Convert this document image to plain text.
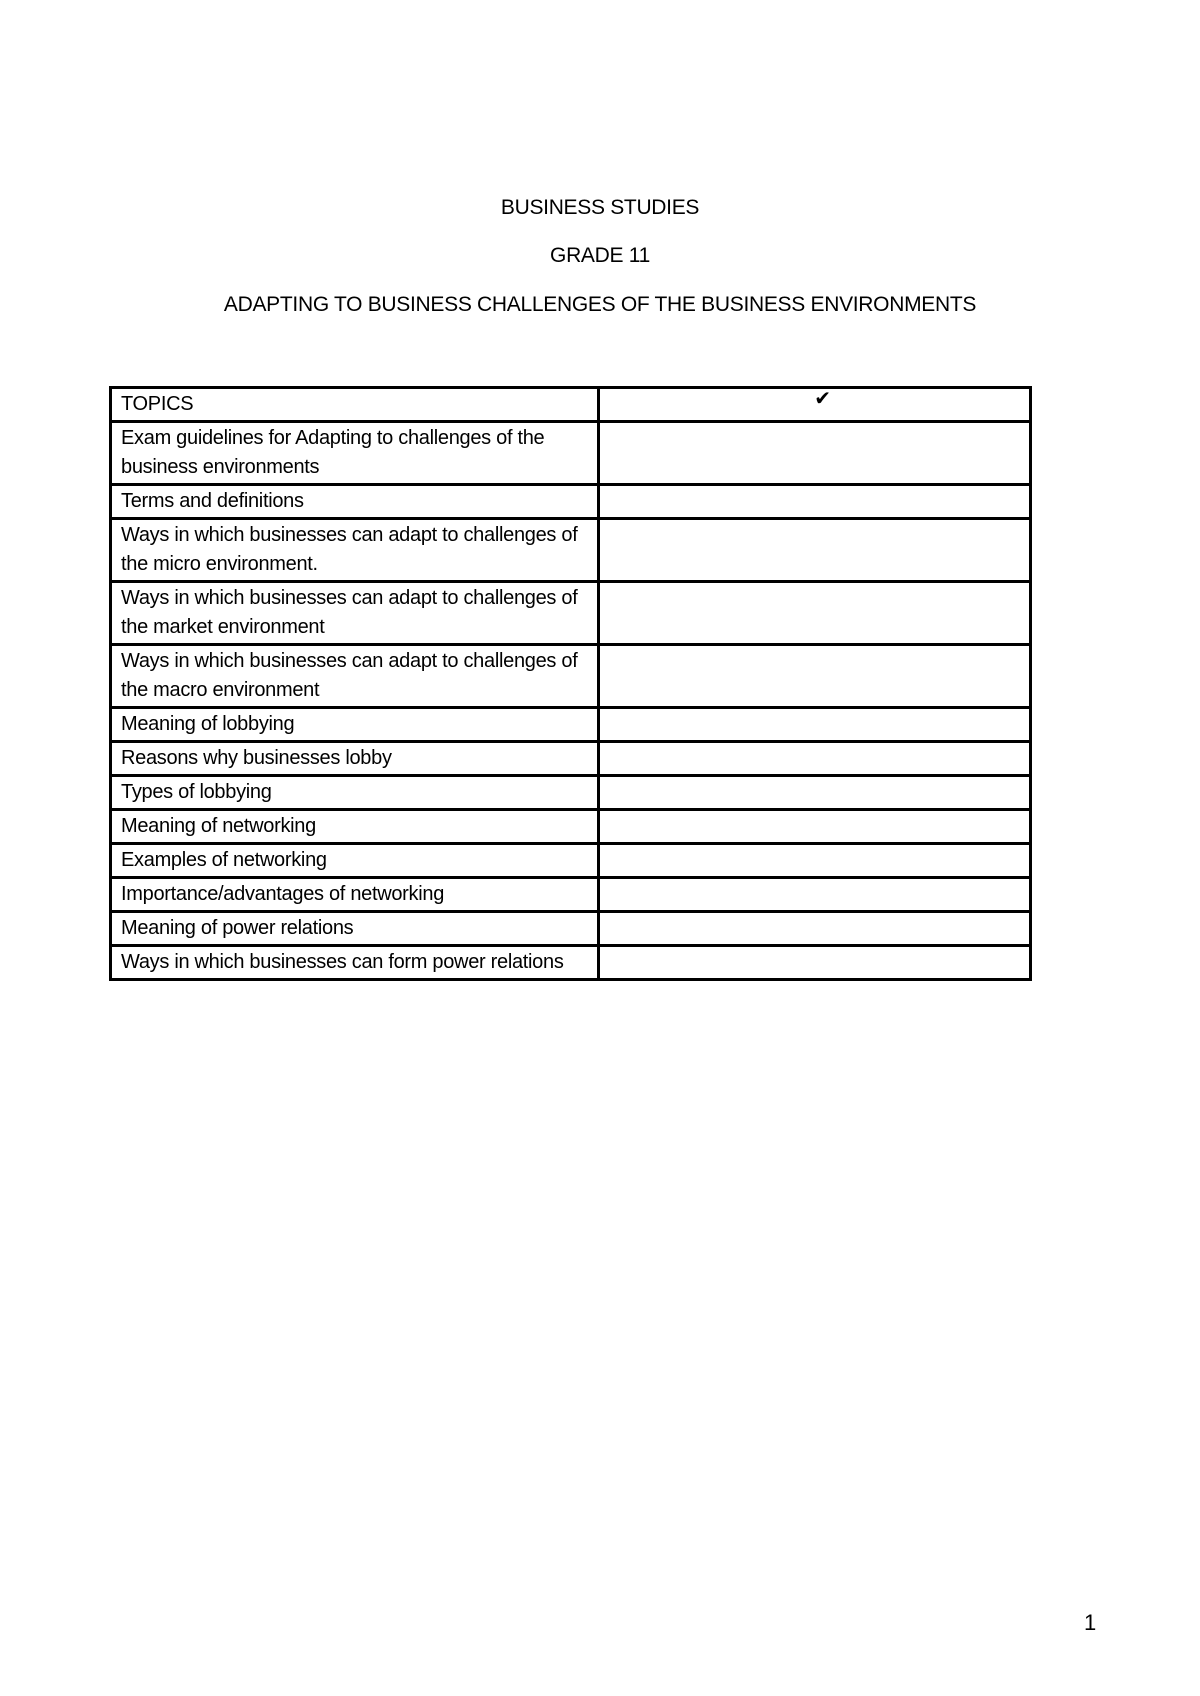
BUSINESS STUDIES
GRADE 11
ADAPTING TO BUSINESS CHALLENGES OF THE BUSINESS ENVIRONMENTS
TOPICS	✔
Exam guidelines for Adapting to challenges of the business environments	
Terms and definitions	
Ways in which businesses can adapt to challenges of the micro environment.	
Ways in which businesses can adapt to challenges of the market environment	
Ways in which businesses can adapt to challenges of the macro environment	
Meaning of lobbying	
Reasons why businesses lobby	
Types of lobbying	
Meaning of networking	
Examples of networking	
Importance/advantages of networking	
Meaning of power relations	
Ways in which businesses can form power relations	
1
